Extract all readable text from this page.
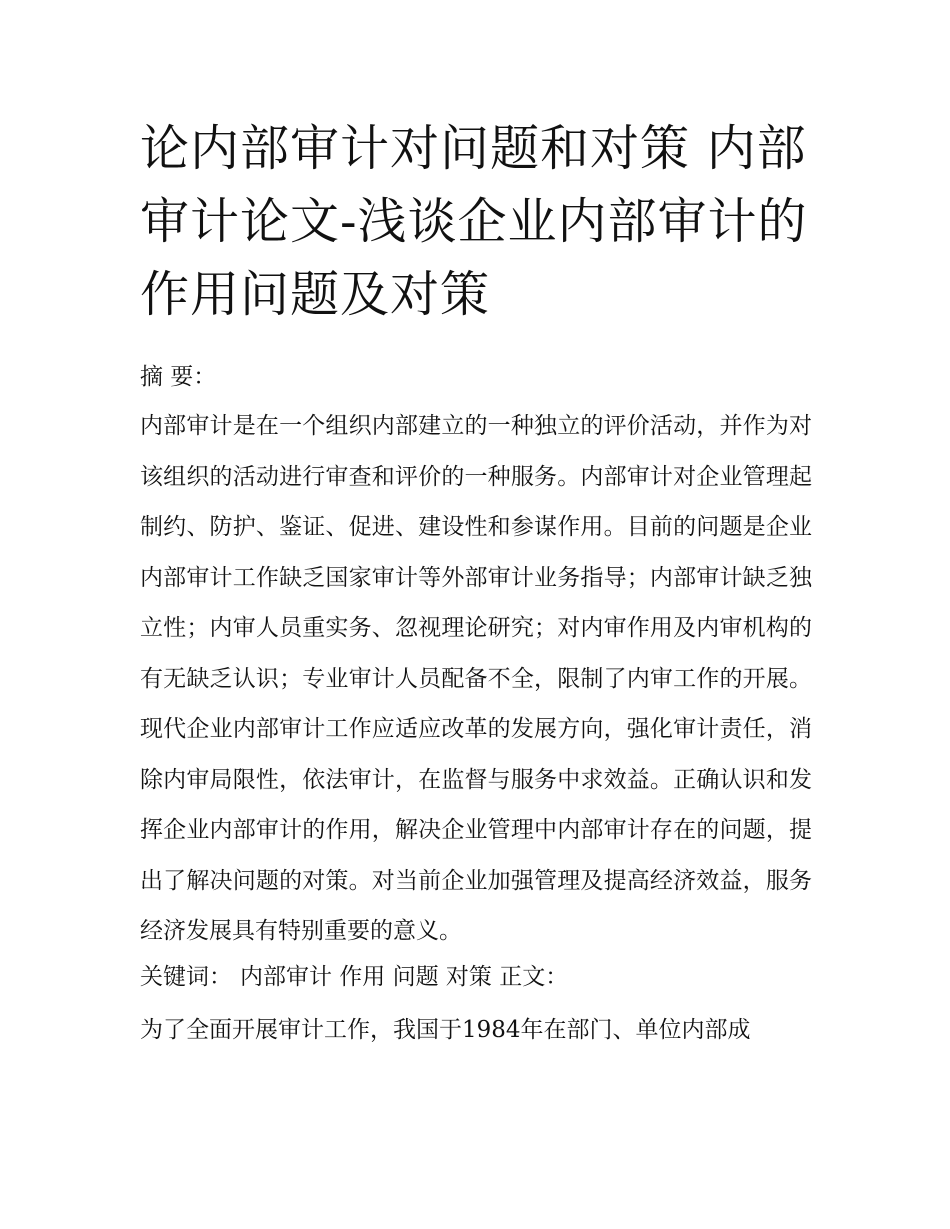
论内部审计对问题和对策 内部审计论文-浅谈企业内部审计的作用问题及对策
摘 要：

内部审计是在一个组织内部建立的一种独立的评价活动，并作为对该组织的活动进行审查和评价的一种服务。内部审计对企业管理起制约、防护、鉴证、促进、建设性和参谋作用。目前的问题是企业内部审计工作缺乏国家审计等外部审计业务指导；内部审计缺乏独立性；内审人员重实务、忽视理论研究；对内审作用及内审机构的有无缺乏认识；专业审计人员配备不全，限制了内审工作的开展。现代企业内部审计工作应适应改革的发展方向，强化审计责任，消除内审局限性，依法审计，在监督与服务中求效益。正确认识和发挥企业内部审计的作用，解决企业管理中内部审计存在的问题，提出了解决问题的对策。对当前企业加强管理及提高经济效益，服务经济发展具有特别重要的意义。

关键词： 内部审计 作用 问题 对策 正文：

为了全面开展审计工作，我国于1984年在部门、单位内部成
